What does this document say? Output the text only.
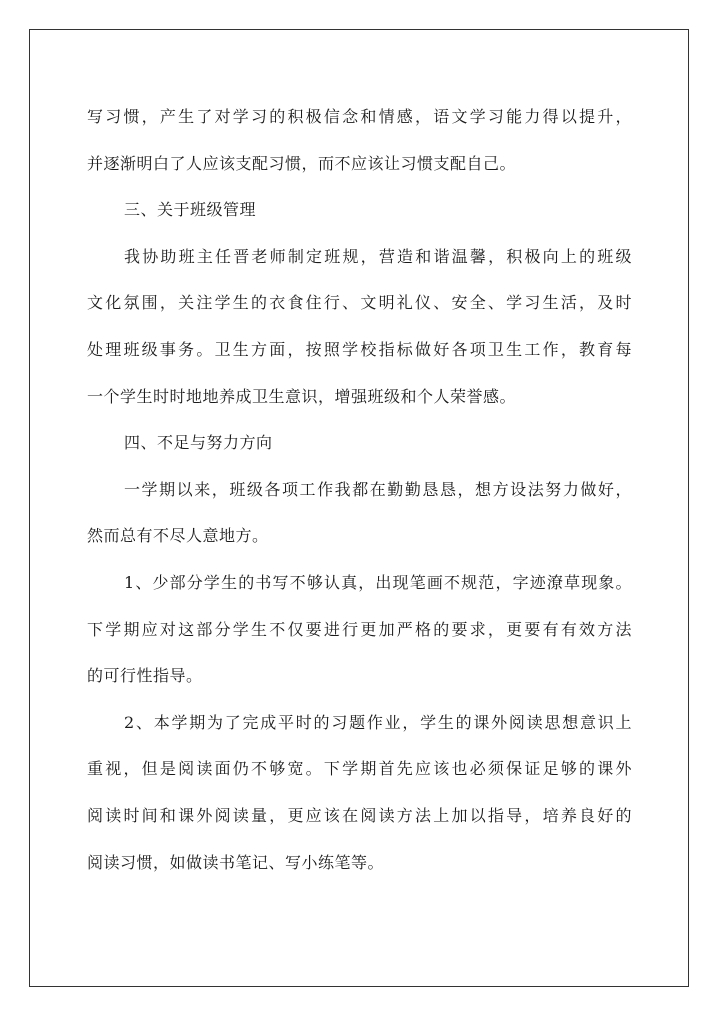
写习惯，产生了对学习的积极信念和情感，语文学习能力得以提升，
并逐渐明白了人应该支配习惯，而不应该让习惯支配自己。
三、关于班级管理
我协助班主任晋老师制定班规，营造和谐温馨，积极向上的班级
文化氛围，关注学生的衣食住行、文明礼仪、安全、学习生活，及时
处理班级事务。卫生方面，按照学校指标做好各项卫生工作，教育每
一个学生时时地地养成卫生意识，增强班级和个人荣誉感。
四、不足与努力方向
一学期以来，班级各项工作我都在勤勤恳恳，想方设法努力做好，
然而总有不尽人意地方。
1、少部分学生的书写不够认真，出现笔画不规范，字迹潦草现象。
下学期应对这部分学生不仅要进行更加严格的要求，更要有有效方法
的可行性指导。
2、本学期为了完成平时的习题作业，学生的课外阅读思想意识上
重视，但是阅读面仍不够宽。下学期首先应该也必须保证足够的课外
阅读时间和课外阅读量，更应该在阅读方法上加以指导，培养良好的
阅读习惯，如做读书笔记、写小练笔等。
